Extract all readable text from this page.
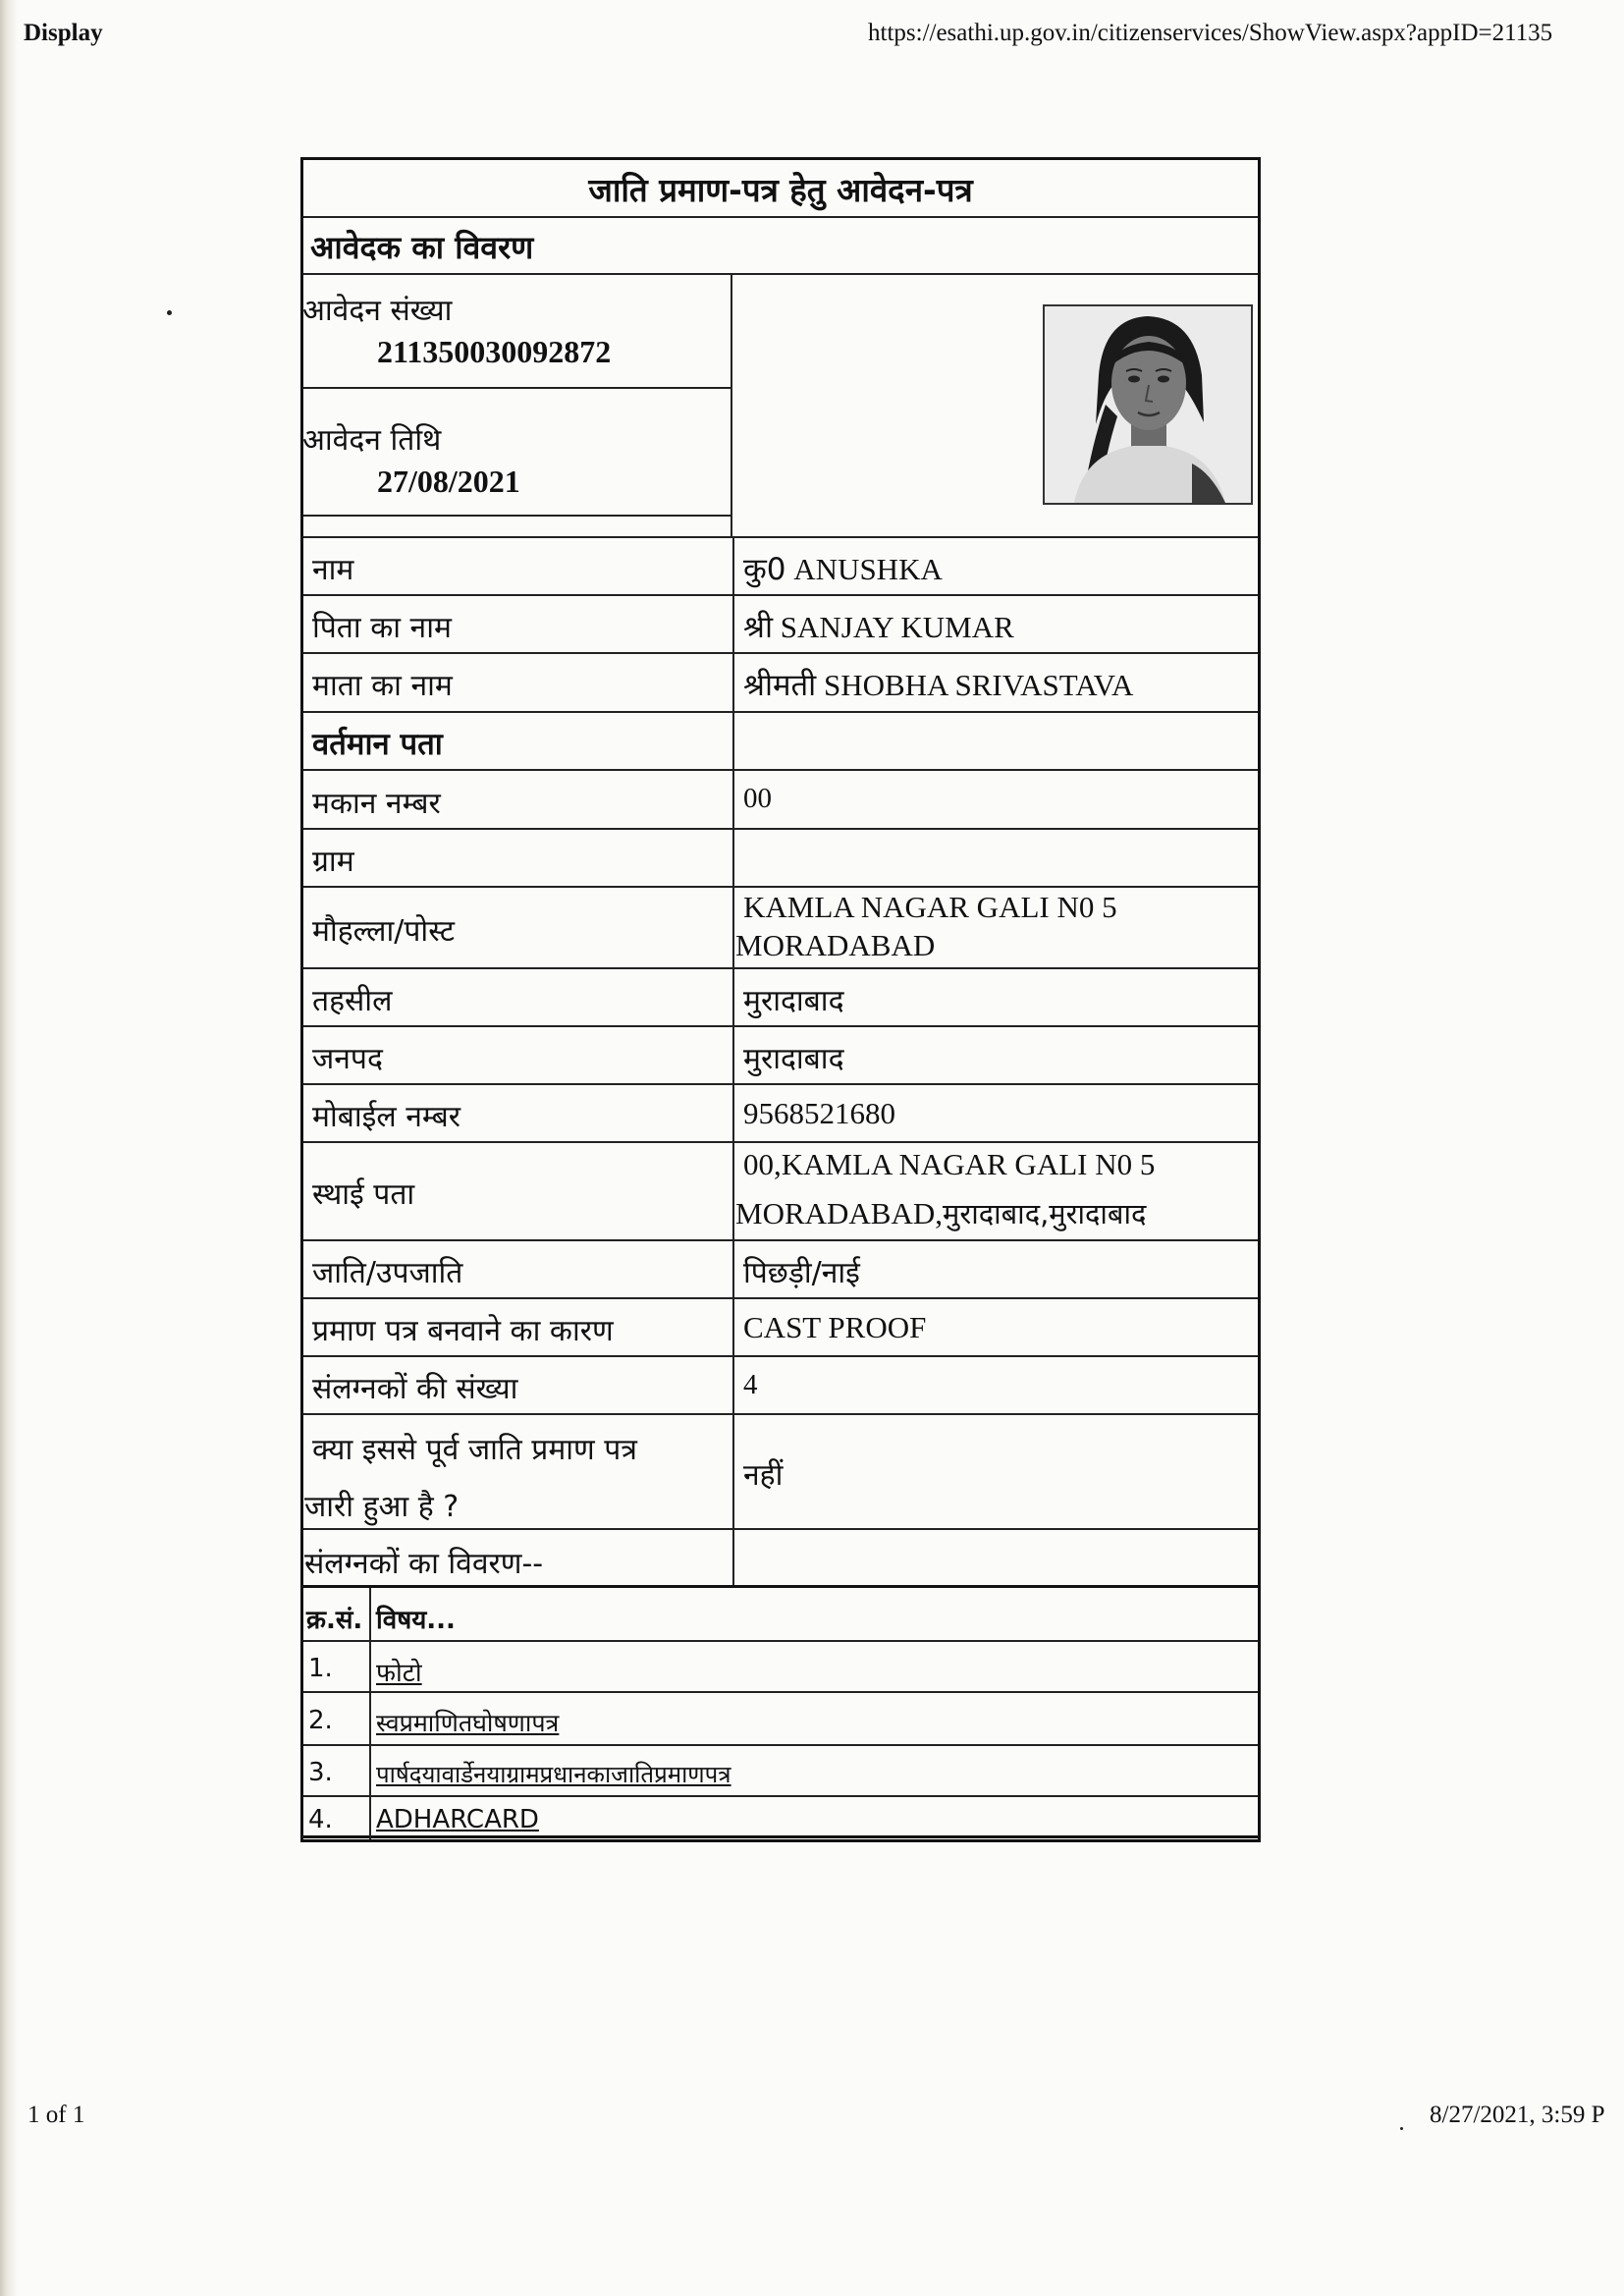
Display	https://esathi.up.gov.in/citizenservices/ShowView.aspx?appID=21135
1 of 1	8/27/2021, 3:59 P
जाति प्रमाण-पत्र हेतु आवेदन-पत्र
आवेदक का विवरण
आवेदन संख्या
211350030092872
आवेदन तिथि
27/08/2021
नाम
पिता का नाम
माता का नाम
वर्तमान पता
मकान नम्बर
ग्राम
मौहल्ला/पोस्ट
तहसील
जनपद
मोबाईल नम्बर
स्थाई पता
जाति/उपजाति
प्रमाण पत्र बनवाने का कारण
संलग्नकों की संख्या
क्या इससे पूर्व जाति प्रमाण पत्र
जारी हुआ है ?
संलग्नकों का विवरण--
कु0 ANUSHKA
श्री SANJAY KUMAR
श्रीमती SHOBHA SRIVASTAVA
00
KAMLA NAGAR GALI N0 5
MORADABAD
मुरादाबाद
मुरादाबाद
9568521680
00,KAMLA NAGAR GALI N0 5
MORADABAD,मुरादाबाद,मुरादाबाद
पिछड़ी/नाई
CAST PROOF
4
नहीं
क्र.सं. विषय...
1. फोटो
2. स्वप्रमाणितघोषणापत्र
3. पार्षदयावार्डेनयाग्रामप्रधानकाजातिप्रमाणपत्र
4. ADHARCARD
